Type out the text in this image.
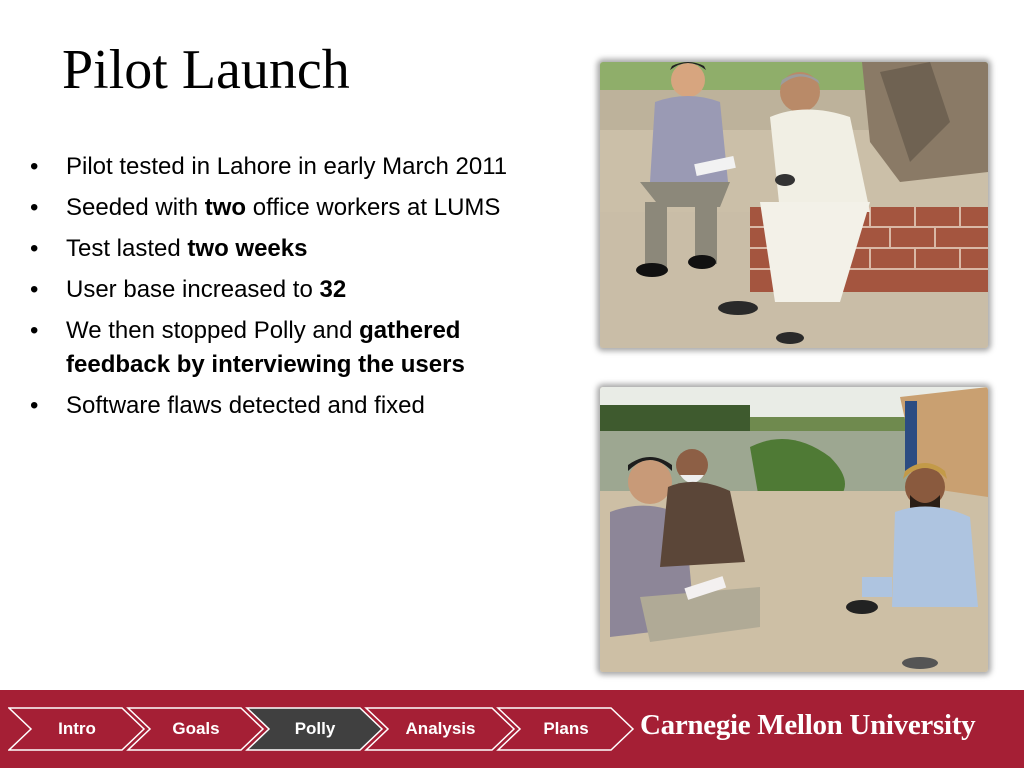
Pilot Launch
• Pilot tested in Lahore in early March 2011
• Seeded with two office workers at LUMS
• Test lasted two weeks
• User base increased to 32
• We then stopped Polly and gathered feedback by interviewing the users
• Software flaws detected and fixed
Intro	Goals	Polly	Analysis	Plans	Carnegie Mellon University
